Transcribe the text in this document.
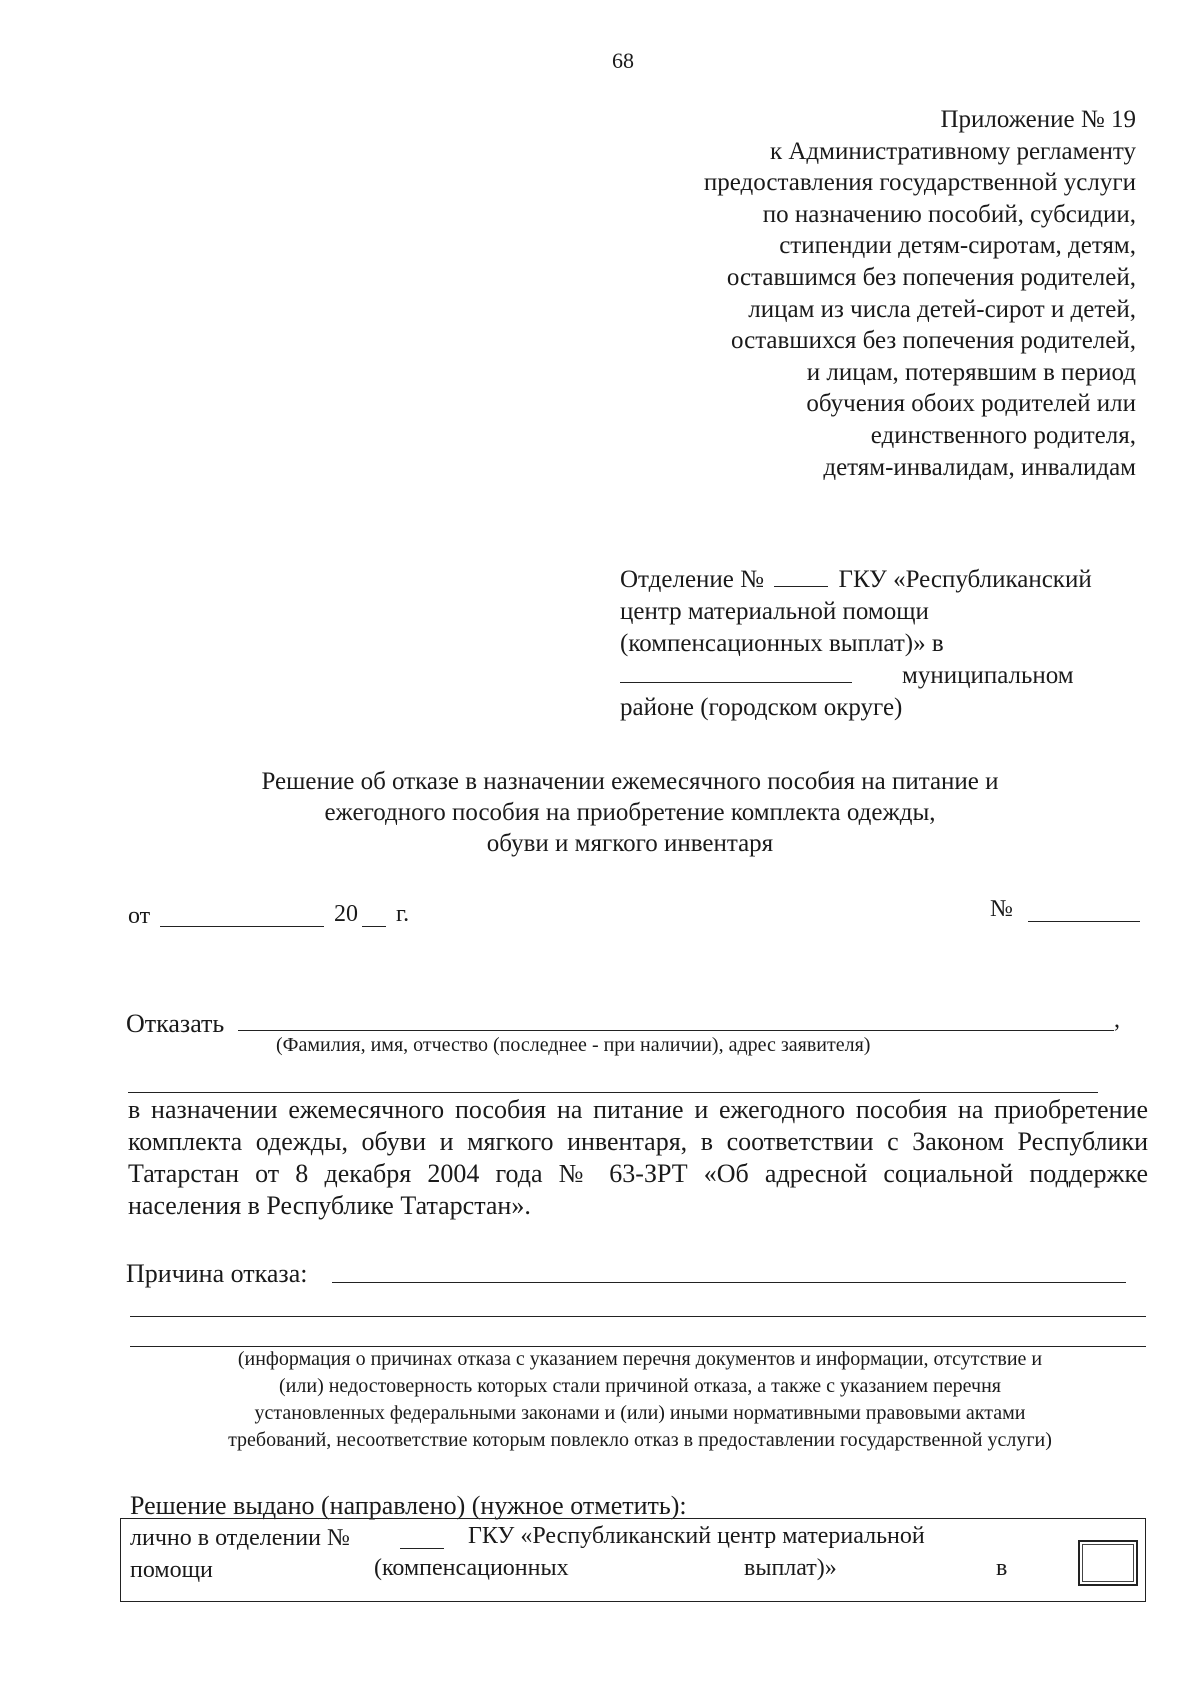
68
Приложение № 19
к Административному регламенту
предоставления государственной услуги
по назначению пособий, субсидии,
стипендии детям-сиротам, детям,
оставшимся без попечения родителей,
лицам из числа детей-сирот и детей,
оставшихся без попечения родителей,
и лицам, потерявшим в период
обучения обоих родителей или
единственного родителя,
детям-инвалидам, инвалидам
Отделение №	ГКУ «Республиканский
центр материальной помощи
(компенсационных выплат)» в
муниципальном
районе (городском округе)
Решение об отказе в назначении ежемесячного пособия на питание и
ежегодного пособия на приобретение комплекта одежды,
обуви и мягкого инвентаря
от	20 г.	№
Отказать	,
(Фамилия, имя, отчество (последнее - при наличии), адрес заявителя)
в назначении ежемесячного пособия на питание и ежегодного пособия на приобретение комплекта одежды, обуви и мягкого инвентаря, в соответствии с Законом Республики Татарстан от 8 декабря 2004 года № 63-ЗРТ «Об адресной социальной поддержке населения в Республике Татарстан».
Причина отказа:
(информация о причинах отказа с указанием перечня документов и информации, отсутствие и
(или) недостоверность которых стали причиной отказа, а также с указанием перечня
установленных федеральными законами и (или) иными нормативными правовыми актами
требований, несоответствие которым повлекло отказ в предоставлении государственной услуги)
Решение выдано (направлено) (нужное отметить):
лично в отделении №	ГКУ «Республиканский центр материальной
помощи	(компенсационных	выплат)»	в
